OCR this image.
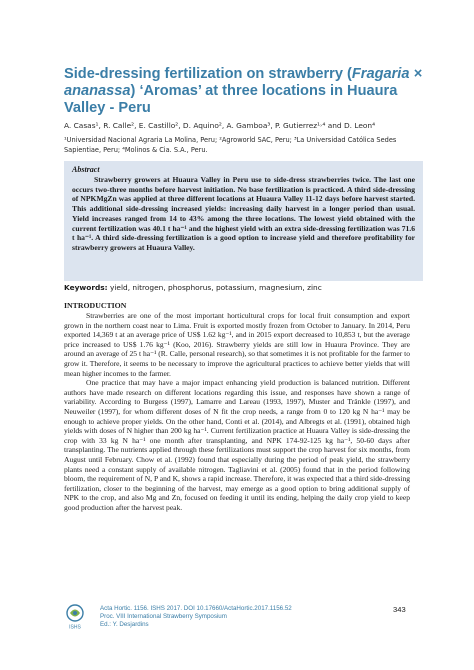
Side-dressing fertilization on strawberry (Fragaria × ananassa) ‘Aromas’ at three locations in Huaura Valley - Peru

A. Casas¹, R. Calle², E. Castillo², D. Aquino², A. Gamboa³, P. Gutierrez¹˒⁴ and D. Leon⁴

¹Universidad Nacional Agraria La Molina, Peru; ²Agroworld SAC, Peru; ³La Universidad Católica Sedes Sapientiae, Peru; ⁴Molinos & Cia. S.A., Peru.

Abstract

Strawberry growers at Huaura Valley in Peru use to side-dress strawberries twice. The last one occurs two-three months before harvest initiation. No base fertilization is practiced. A third side-dressing of NPKMgZn was applied at three different locations at Huaura Valley 11-12 days before harvest started. This additional side-dressing increased yields: increasing daily harvest in a longer period than usual. Yield increases ranged from 14 to 43% among the three locations. The lowest yield obtained with the current fertilization was 40.1 t ha⁻¹ and the highest yield with an extra side-dressing fertilization was 71.6 t ha⁻¹. A third side-dressing fertilization is a good option to increase yield and therefore profitability for strawberry growers at Huaura Valley.

Keywords: yield, nitrogen, phosphorus, potassium, magnesium, zinc

INTRODUCTION

Strawberries are one of the most important horticultural crops for local fruit consumption and export grown in the northern coast near to Lima. Fruit is exported mostly frozen from October to January. In 2014, Peru exported 14,369 t at an average price of US$ 1.62 kg⁻¹, and in 2015 export decreased to 10,853 t, but the average price increased to US$ 1.76 kg⁻¹ (Koo, 2016). Strawberry yields are still low in Huaura Province. They are around an average of 25 t ha⁻¹ (R. Calle, personal research), so that sometimes it is not profitable for the farmer to grow it. Therefore, it seems to be necessary to improve the agricultural practices to achieve better yields that will mean higher incomes to the farmer.

One practice that may have a major impact enhancing yield production is balanced nutrition. Different authors have made research on different locations regarding this issue, and responses have shown a range of variability. According to Burgess (1997), Lamarre and Lareau (1993, 1997), Muster and Tränkle (1997), and Neuweiler (1997), for whom different doses of N fit the crop needs, a range from 0 to 120 kg N ha⁻¹ may be enough to achieve proper yields. On the other hand, Conti et al. (2014), and Albregts et al. (1991), obtained high yields with doses of N higher than 200 kg ha⁻¹. Current fertilization practice at Huaura Valley is side-dressing the crop with 33 kg N ha⁻¹ one month after transplanting, and NPK 174-92-125 kg ha⁻¹, 50-60 days after transplanting. The nutrients applied through these fertilizations must support the crop harvest for six months, from August until February. Chow et al. (1992) found that especially during the period of peak yield, the strawberry plants need a constant supply of available nitrogen. Tagliavini et al. (2005) found that in the period following bloom, the requirement of N, P and K, shows a rapid increase. Therefore, it was expected that a third side-dressing fertilization, closer to the beginning of the harvest, may emerge as a good option to bring additional supply of NPK to the crop, and also Mg and Zn, focused on feeding it until its ending, helping the daily crop yield to keep good production after the harvest peak.

ISHS
Acta Hortic. 1156. ISHS 2017. DOI 10.17660/ActaHortic.2017.1156.52
Proc. VIII International Strawberry Symposium
Ed.: Y. Desjardins

343
